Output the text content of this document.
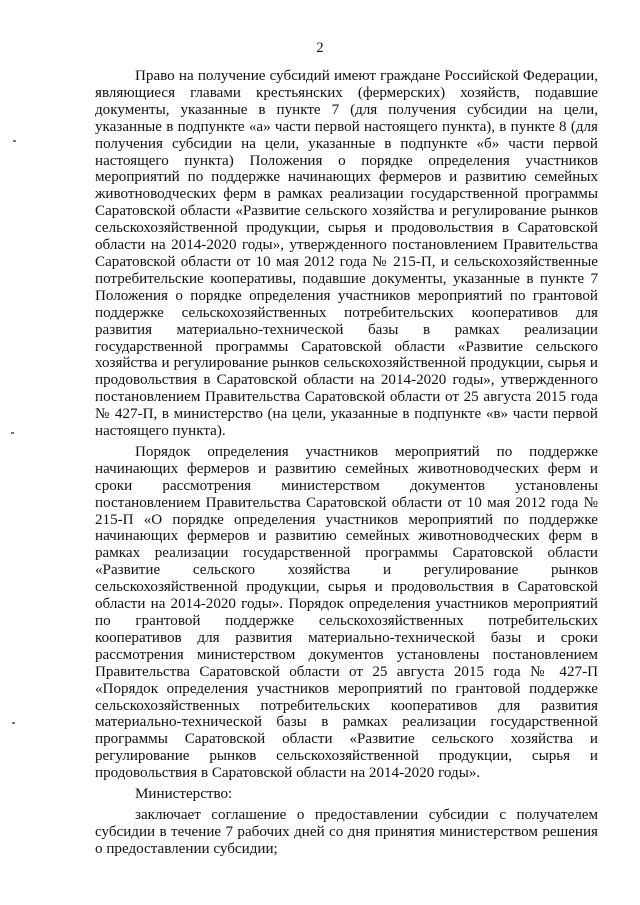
2

Право на получение субсидий имеют граждане Российской Федерации, являющиеся главами крестьянских (фермерских) хозяйств, подавшие документы, указанные в пункте 7 (для получения субсидии на цели, указанные в подпункте «а» части первой настоящего пункта), в пункте 8 (для получения субсидии на цели, указанные в подпункте «б» части первой настоящего пункта) Положения о порядке определения участников мероприятий по поддержке начинающих фермеров и развитию семейных животноводческих ферм в рамках реализации государственной программы Саратовской области «Развитие сельского хозяйства и регулирование рынков сельскохозяйственной продукции, сырья и продовольствия в Саратовской области на 2014-2020 годы», утвержденного постановлением Правительства Саратовской области от 10 мая 2012 года № 215-П, и сельскохозяйственные потребительские кооперативы, подавшие документы, указанные в пункте 7 Положения о порядке определения участников мероприятий по грантовой поддержке сельскохозяйственных потребительских кооперативов для развития материально-технической базы в рамках реализации государственной программы Саратовской области «Развитие сельского хозяйства и регулирование рынков сельскохозяйственной продукции, сырья и продовольствия в Саратовской области на 2014-2020 годы», утвержденного постановлением Правительства Саратовской области от 25 августа 2015 года № 427-П, в министерство (на цели, указанные в подпункте «в» части первой настоящего пункта).

Порядок определения участников мероприятий по поддержке начинающих фермеров и развитию семейных животноводческих ферм и сроки рассмотрения министерством документов установлены постановлением Правительства Саратовской области от 10 мая 2012 года № 215-П «О порядке определения участников мероприятий по поддержке начинающих фермеров и развитию семейных животноводческих ферм в рамках реализации государственной программы Саратовской области «Развитие сельского хозяйства и регулирование рынков сельскохозяйственной продукции, сырья и продовольствия в Саратовской области на 2014-2020 годы». Порядок определения участников мероприятий по грантовой поддержке сельскохозяйственных потребительских кооперативов для развития материально-технической базы и сроки рассмотрения министерством документов установлены постановлением Правительства Саратовской области от 25 августа 2015 года № 427-П «Порядок определения участников мероприятий по грантовой поддержке сельскохозяйственных потребительских кооперативов для развития материально-технической базы в рамках реализации государственной программы Саратовской области «Развитие сельского хозяйства и регулирование рынков сельскохозяйственной продукции, сырья и продовольствия в Саратовской области на 2014-2020 годы».

Министерство:

заключает соглашение о предоставлении субсидии с получателем субсидии в течение 7 рабочих дней со дня принятия министерством решения о предоставлении субсидии;
